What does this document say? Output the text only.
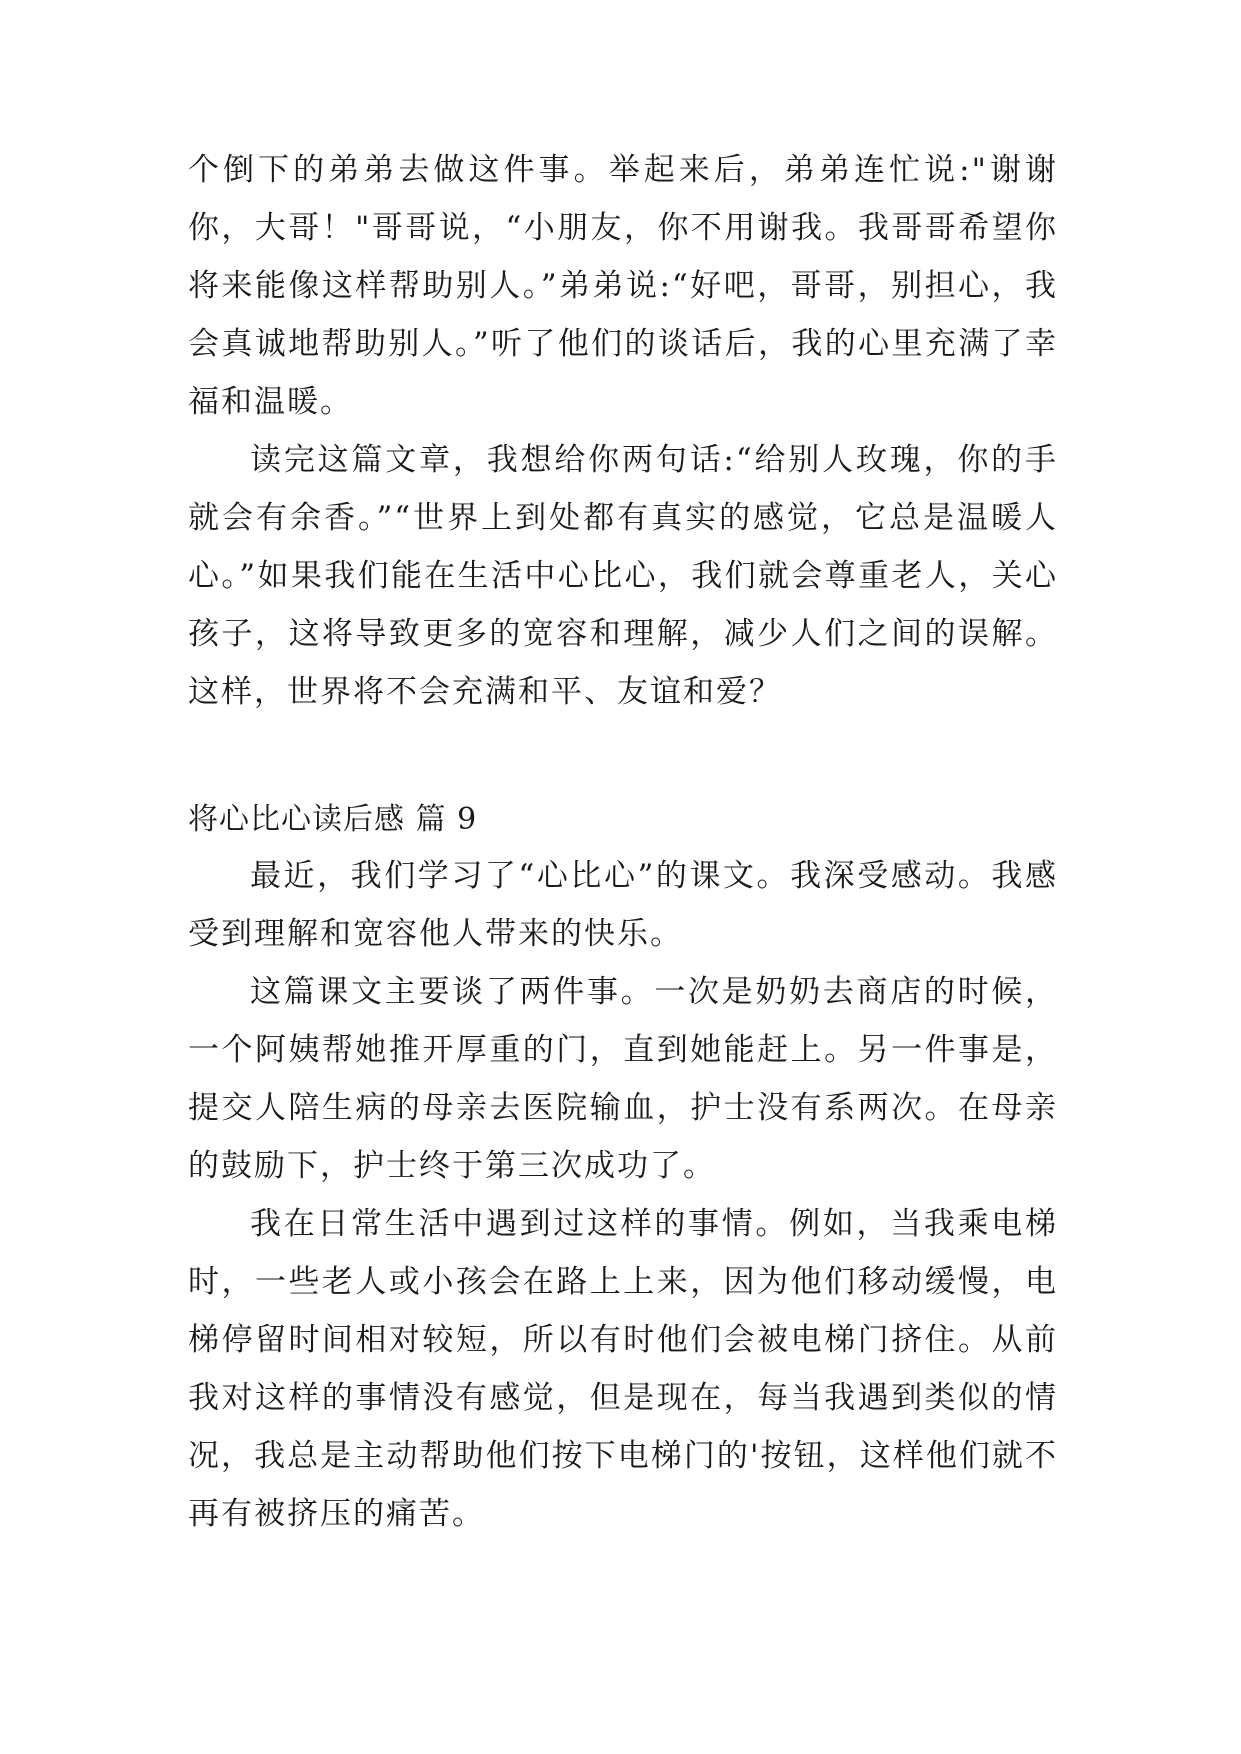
个倒下的弟弟去做这件事。举起来后，弟弟连忙说:"谢谢你，大哥！"哥哥说，“小朋友，你不用谢我。我哥哥希望你将来能像这样帮助别人。”弟弟说:“好吧，哥哥，别担心，我会真诚地帮助别人。”听了他们的谈话后，我的心里充满了幸福和温暖。

读完这篇文章，我想给你两句话:“给别人玫瑰，你的手就会有余香。”“世界上到处都有真实的感觉，它总是温暖人心。”如果我们能在生活中心比心，我们就会尊重老人，关心孩子，这将导致更多的宽容和理解，减少人们之间的误解。这样，世界将不会充满和平、友谊和爱？

将心比心读后感 篇 9

最近，我们学习了“心比心”的课文。我深受感动。我感受到理解和宽容他人带来的快乐。

这篇课文主要谈了两件事。一次是奶奶去商店的时候，一个阿姨帮她推开厚重的门，直到她能赶上。另一件事是，提交人陪生病的母亲去医院输血，护士没有系两次。在母亲的鼓励下，护士终于第三次成功了。

我在日常生活中遇到过这样的事情。例如，当我乘电梯时，一些老人或小孩会在路上上来，因为他们移动缓慢，电梯停留时间相对较短，所以有时他们会被电梯门挤住。从前我对这样的事情没有感觉，但是现在，每当我遇到类似的情况，我总是主动帮助他们按下电梯门的'按钮，这样他们就不再有被挤压的痛苦。
